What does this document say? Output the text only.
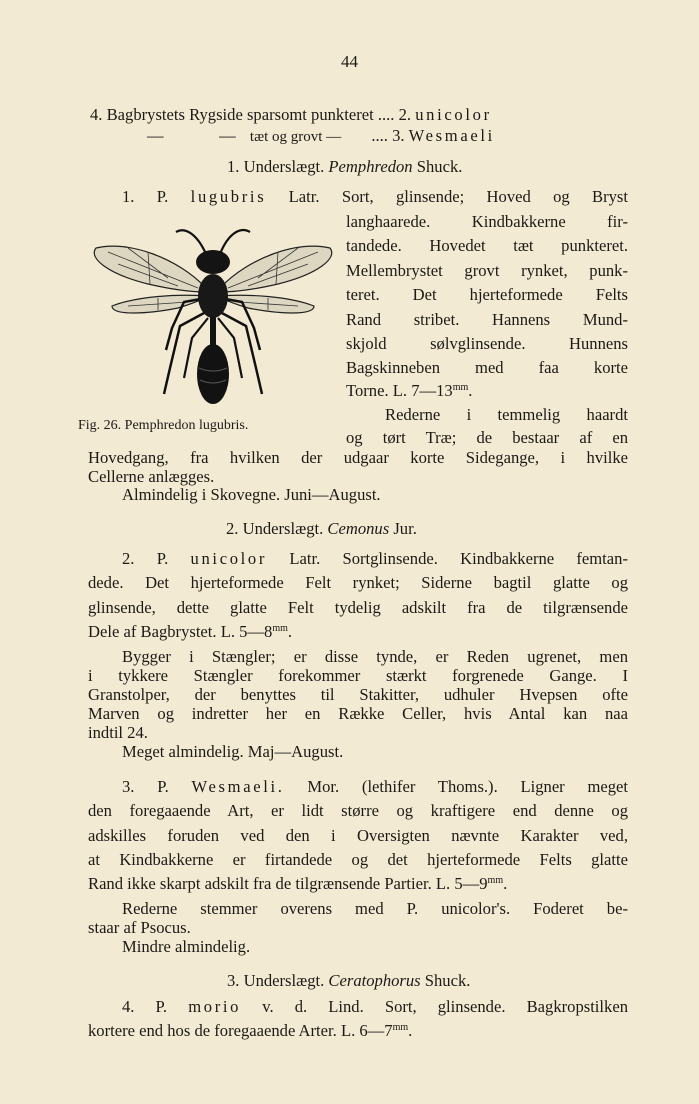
44
4. Bagbrystets Rygside sparsomt punkteret .... 2. unicolor
—	— tæt og grovt — .... 3. Wesmaeli
1. Underslægt. Pemphredon Shuck.
1. P. lugubris Latr. Sort, glinsende; Hoved og Bryst
langhaarede. Kindbakkerne fir-
tandede. Hovedet tæt punkteret.
Mellembrystet grovt rynket, punk-
teret. Det hjerteformede Felts
Rand stribet. Hannens Mund-
skjold sølvglinsende. Hunnens
Bagskinneben med faa korte
Torne. L. $7—13^{mm}$.
Rederne i temmelig haardt
og tørt Træ; de bestaar af en
Hovedgang, fra hvilken der udgaar korte Sidegange, i hvilke
Cellerne anlægges.
Almindelig i Skovegne. Juni—August.
Fig. 26. Pemphredon lugubris.
2. Underslægt. Cemonus Jur.
2. P. unicolor Latr. Sortglinsende. Kindbakkerne femtan-
dede. Det hjerteformede Felt rynket; Siderne bagtil glatte og
glinsende, dette glatte Felt tydelig adskilt fra de tilgrænsende
Dele af Bagbrystet. L. $5—8^{mm}$.
Bygger i Stængler; er disse tynde, er Reden ugrenet, men
i tykkere Stængler forekommer stærkt forgrenede Gange. I
Granstolper, der benyttes til Stakitter, udhuler Hvepsen ofte
Marven og indretter her en Række Celler, hvis Antal kan naa
indtil 24.
Meget almindelig. Maj—August.
3. P. Wesmaeli. Mor. (lethifer Thoms.). Ligner meget
den foregaaende Art, er lidt større og kraftigere end denne og
adskilles foruden ved den i Oversigten nævnte Karakter ved,
at Kindbakkerne er firtandede og det hjerteformede Felts glatte
Rand ikke skarpt adskilt fra de tilgrænsende Partier. L. $5—9^{mm}$.
Rederne stemmer overens med P. unicolor's. Foderet be-
staar af Psocus.
Mindre almindelig.
3. Underslægt. Ceratophorus Shuck.
4. P. morio v. d. Lind. Sort, glinsende. Bagkropstilken
kortere end hos de foregaaende Arter. L. $6—7^{mm}$.
